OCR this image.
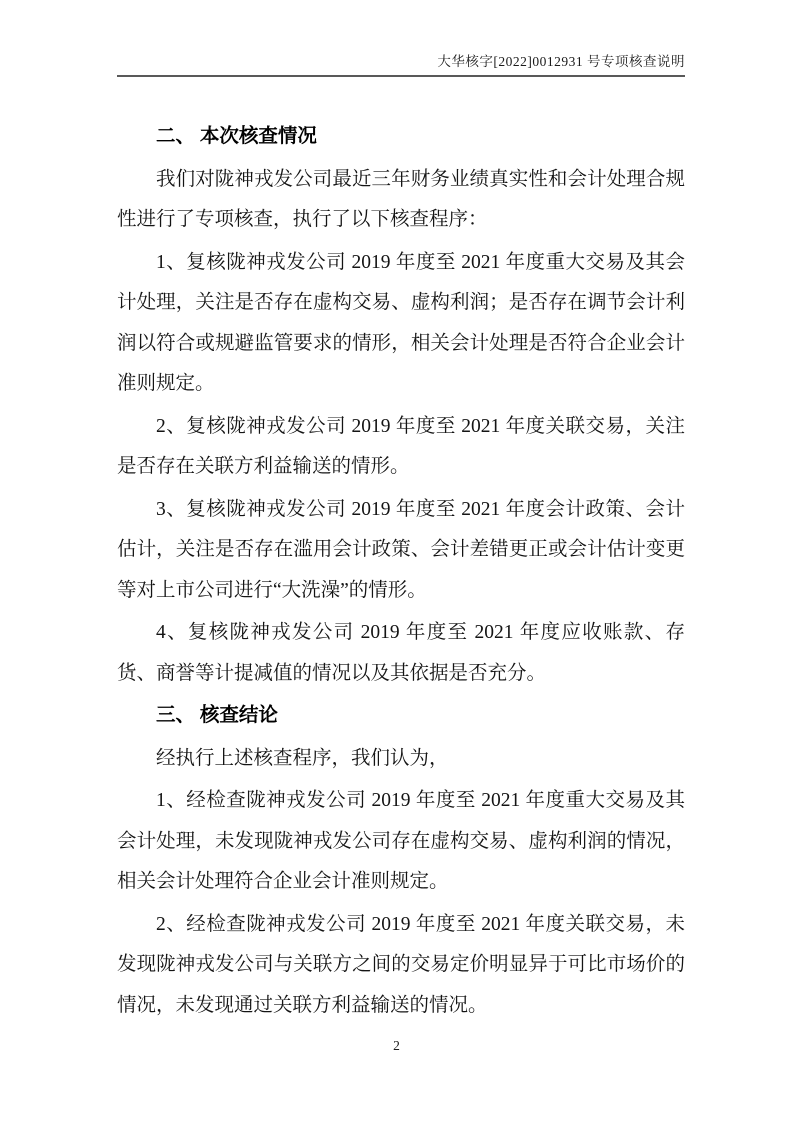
大华核字[2022]0012931 号专项核查说明
二、 本次核查情况
我们对陇神戎发公司最近三年财务业绩真实性和会计处理合规性进行了专项核查，执行了以下核查程序：
1、复核陇神戎发公司 2019 年度至 2021 年度重大交易及其会计处理，关注是否存在虚构交易、虚构利润；是否存在调节会计利润以符合或规避监管要求的情形，相关会计处理是否符合企业会计准则规定。
2、复核陇神戎发公司 2019 年度至 2021 年度关联交易，关注是否存在关联方利益输送的情形。
3、复核陇神戎发公司 2019 年度至 2021 年度会计政策、会计估计，关注是否存在滥用会计政策、会计差错更正或会计估计变更等对上市公司进行“大洗澡”的情形。
4、复核陇神戎发公司 2019 年度至 2021 年度应收账款、存货、商誉等计提减值的情况以及其依据是否充分。
三、 核查结论
经执行上述核查程序，我们认为，
1、经检查陇神戎发公司 2019 年度至 2021 年度重大交易及其会计处理，未发现陇神戎发公司存在虚构交易、虚构利润的情况，相关会计处理符合企业会计准则规定。
2、经检查陇神戎发公司 2019 年度至 2021 年度关联交易，未发现陇神戎发公司与关联方之间的交易定价明显异于可比市场价的情况，未发现通过关联方利益输送的情况。
2
